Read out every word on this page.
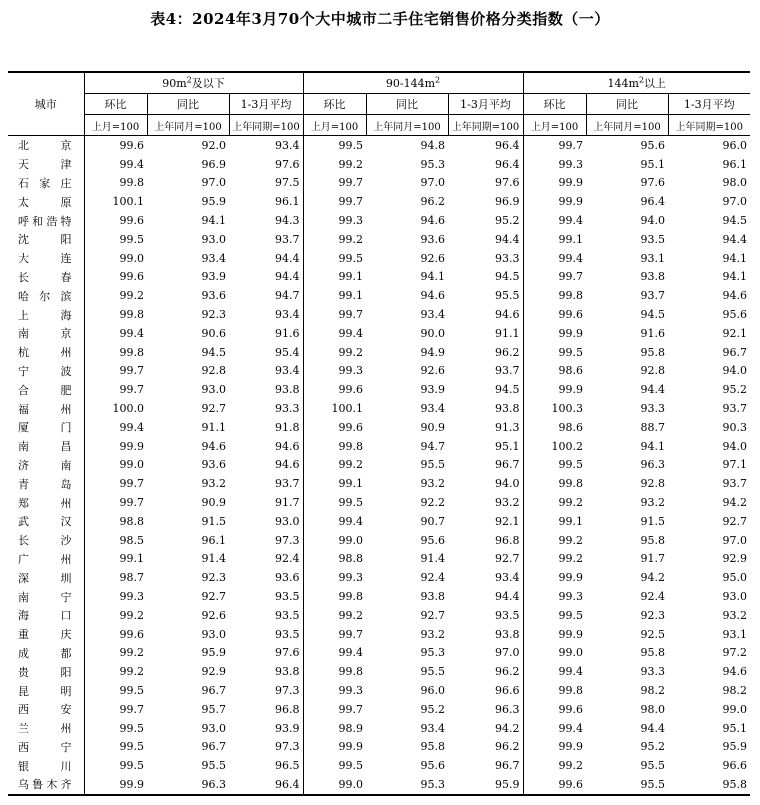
表4：2024年3月70个大中城市二手住宅销售价格分类指数（一）
城市	$90m^2$及以下			$90-144m^2$			$144m^2$以上		
	环比	同比	1-3月平均	环比	同比	1-3月平均	环比	同比	1-3月平均
	上月=100	上年同月=100	上年同期=100	上月=100	上年同月=100	上年同期=100	上月=100	上年同月=100	上年同期=100
北京	99.6	92.0	93.4	99.5	94.8	96.4	99.7	95.6	96.0
天津	99.4	96.9	97.6	99.2	95.3	96.4	99.3	95.1	96.1
石家庄	99.8	97.0	97.5	99.7	97.0	97.6	99.9	97.6	98.0
太原	100.1	95.9	96.1	99.7	96.2	96.9	99.9	96.4	97.0
呼和浩特	99.6	94.1	94.3	99.3	94.6	95.2	99.4	94.0	94.5
沈阳	99.5	93.0	93.7	99.2	93.6	94.4	99.1	93.5	94.4
大连	99.0	93.4	94.4	99.5	92.6	93.3	99.4	93.1	94.1
长春	99.6	93.9	94.4	99.1	94.1	94.5	99.7	93.8	94.1
哈尔滨	99.2	93.6	94.7	99.1	94.6	95.5	99.8	93.7	94.6
上海	99.8	92.3	93.4	99.7	93.4	94.6	99.6	94.5	95.6
南京	99.4	90.6	91.6	99.4	90.0	91.1	99.9	91.6	92.1
杭州	99.8	94.5	95.4	99.2	94.9	96.2	99.5	95.8	96.7
宁波	99.7	92.8	93.4	99.3	92.6	93.7	98.6	92.8	94.0
合肥	99.7	93.0	93.8	99.6	93.9	94.5	99.9	94.4	95.2
福州	100.0	92.7	93.3	100.1	93.4	93.8	100.3	93.3	93.7
厦门	99.4	91.1	91.8	99.6	90.9	91.3	98.6	88.7	90.3
南昌	99.9	94.6	94.6	99.8	94.7	95.1	100.2	94.1	94.0
济南	99.0	93.6	94.6	99.2	95.5	96.7	99.5	96.3	97.1
青岛	99.7	93.2	93.7	99.1	93.2	94.0	99.8	92.8	93.7
郑州	99.7	90.9	91.7	99.5	92.2	93.2	99.2	93.2	94.2
武汉	98.8	91.5	93.0	99.4	90.7	92.1	99.1	91.5	92.7
长沙	98.5	96.1	97.3	99.0	95.6	96.8	99.2	95.8	97.0
广州	99.1	91.4	92.4	98.8	91.4	92.7	99.2	91.7	92.9
深圳	98.7	92.3	93.6	99.3	92.4	93.4	99.9	94.2	95.0
南宁	99.3	92.7	93.5	99.8	93.8	94.4	99.3	92.4	93.0
海口	99.2	92.6	93.5	99.2	92.7	93.5	99.5	92.3	93.2
重庆	99.6	93.0	93.5	99.7	93.2	93.8	99.9	92.5	93.1
成都	99.2	95.9	97.6	99.4	95.3	97.0	99.0	95.8	97.2
贵阳	99.2	92.9	93.8	99.8	95.5	96.2	99.4	93.3	94.6
昆明	99.5	96.7	97.3	99.3	96.0	96.6	99.8	98.2	98.2
西安	99.7	95.7	96.8	99.7	95.2	96.3	99.6	98.0	99.0
兰州	99.5	93.0	93.9	98.9	93.4	94.2	99.4	94.4	95.1
西宁	99.5	96.7	97.3	99.9	95.8	96.2	99.9	95.2	95.9
银川	99.5	95.5	96.5	99.5	95.6	96.7	99.2	95.5	96.6
乌鲁木齐	99.9	96.3	96.4	99.0	95.3	95.9	99.6	95.5	95.8
